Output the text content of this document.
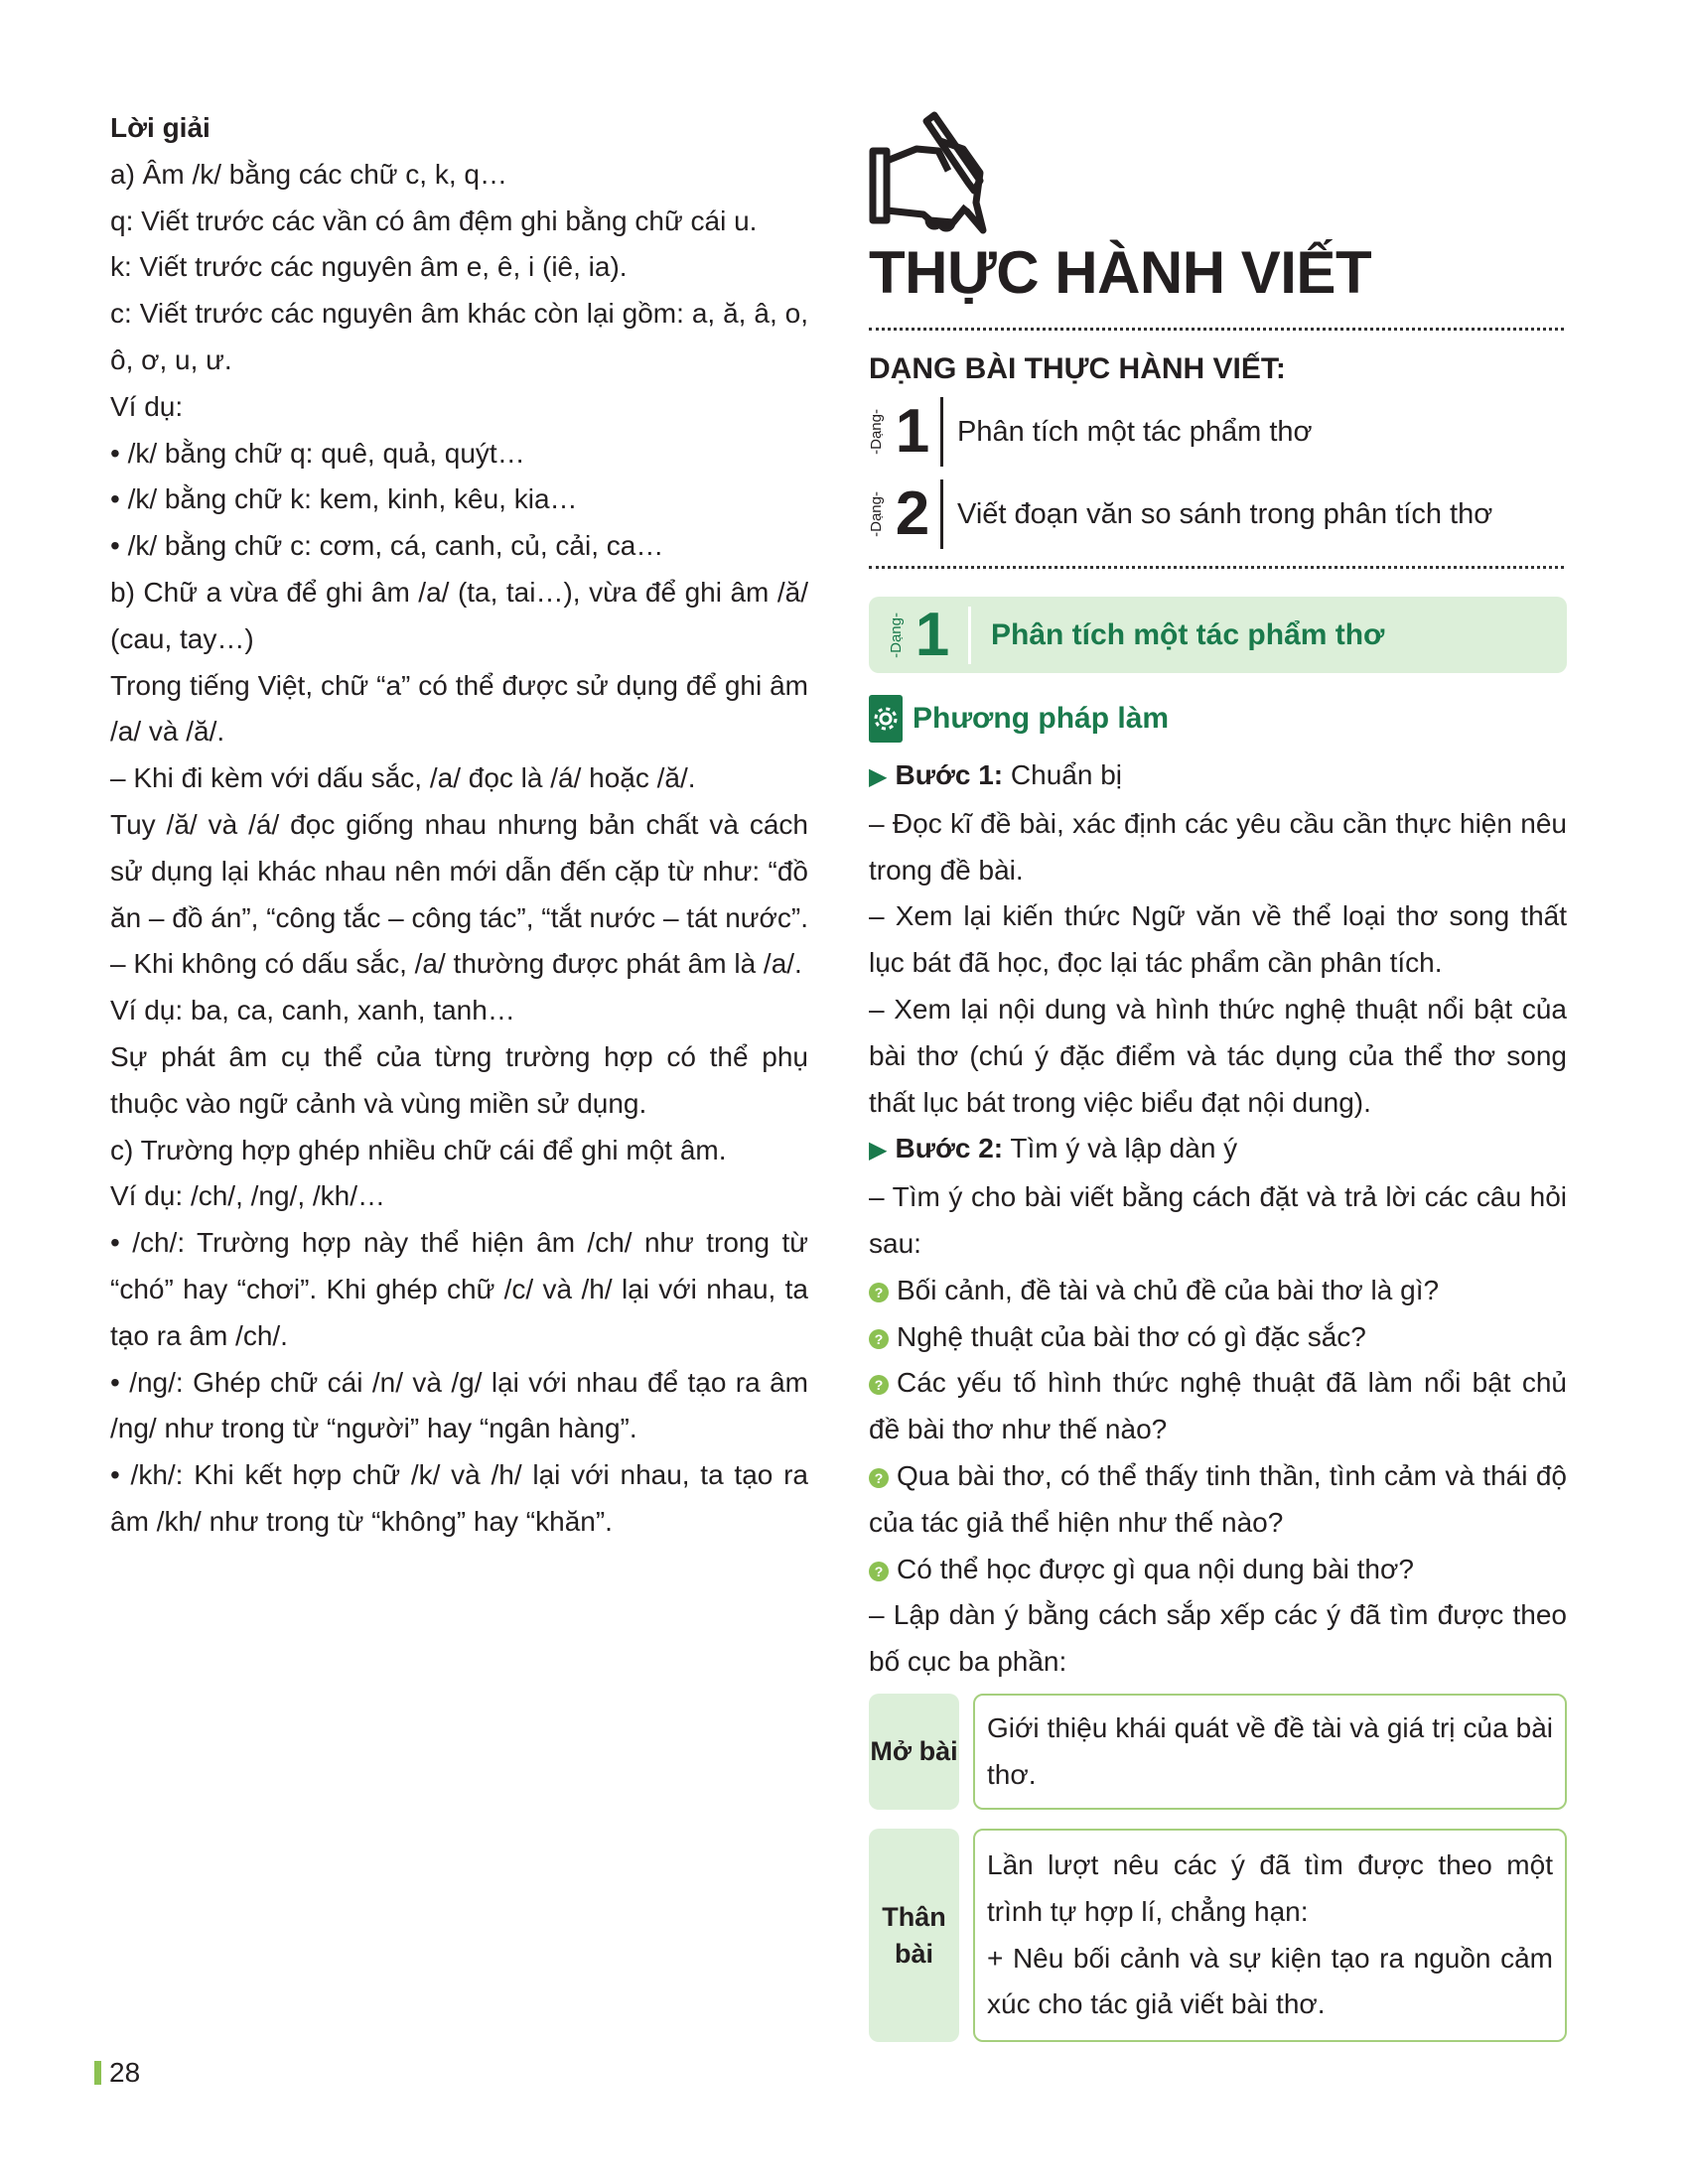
Lời giải

a) Âm /k/ bằng các chữ c, k, q…

q: Viết trước các vần có âm đệm ghi bằng chữ cái u.

k: Viết trước các nguyên âm e, ê, i (iê, ia).

c: Viết trước các nguyên âm khác còn lại gồm: a, ă, â, o, ô, ơ, u, ư.

Ví dụ:

• /k/ bằng chữ q: quê, quả, quýt…

• /k/ bằng chữ k: kem, kinh, kêu, kia…

• /k/ bằng chữ c: cơm, cá, canh, củ, cải, ca…

b) Chữ a vừa để ghi âm /a/ (ta, tai…), vừa để ghi âm /ă/ (cau, tay…)

Trong tiếng Việt, chữ “a” có thể được sử dụng để ghi âm /a/ và /ă/.

– Khi đi kèm với dấu sắc, /a/ đọc là /á/ hoặc /ă/.

Tuy /ă/ và /á/ đọc giống nhau nhưng bản chất và cách sử dụng lại khác nhau nên mới dẫn đến cặp từ như: “đồ ăn – đồ án”, “công tắc – công tác”, “tắt nước – tát nước”.

– Khi không có dấu sắc, /a/ thường được phát âm là /a/.

Ví dụ: ba, ca, canh, xanh, tanh…

Sự phát âm cụ thể của từng trường hợp có thể phụ thuộc vào ngữ cảnh và vùng miền sử dụng.

c) Trường hợp ghép nhiều chữ cái để ghi một âm.

Ví dụ: /ch/, /ng/, /kh/…

• /ch/: Trường hợp này thể hiện âm /ch/ như trong từ “chó” hay “chơi”. Khi ghép chữ /c/ và /h/ lại với nhau, ta tạo ra âm /ch/.

• /ng/: Ghép chữ cái /n/ và /g/ lại với nhau để tạo ra âm /ng/ như trong từ “người” hay “ngân hàng”.

• /kh/: Khi kết hợp chữ /k/ và /h/ lại với nhau, ta tạo ra âm /kh/ như trong từ “không” hay “khăn”.

THỰC HÀNH VIẾT
DẠNG BÀI THỰC HÀNH VIẾT:
-Dạng- 1 Phân tích một tác phẩm thơ
-Dạng- 2 Viết đoạn văn so sánh trong phân tích thơ
-Dạng- 1 Phân tích một tác phẩm thơ
Phương pháp làm

▶ Bước 1: Chuẩn bị

– Đọc kĩ đề bài, xác định các yêu cầu cần thực hiện nêu trong đề bài.

– Xem lại kiến thức Ngữ văn về thể loại thơ song thất lục bát đã học, đọc lại tác phẩm cần phân tích.

– Xem lại nội dung và hình thức nghệ thuật nổi bật của bài thơ (chú ý đặc điểm và tác dụng của thể thơ song thất lục bát trong việc biểu đạt nội dung).

▶ Bước 2: Tìm ý và lập dàn ý

– Tìm ý cho bài viết bằng cách đặt và trả lời các câu hỏi sau:

? Bối cảnh, đề tài và chủ đề của bài thơ là gì?

? Nghệ thuật của bài thơ có gì đặc sắc?

? Các yếu tố hình thức nghệ thuật đã làm nổi bật chủ đề bài thơ như thế nào?

? Qua bài thơ, có thể thấy tinh thần, tình cảm và thái độ của tác giả thể hiện như thế nào?

? Có thể học được gì qua nội dung bài thơ?

– Lập dàn ý bằng cách sắp xếp các ý đã tìm được theo bố cục ba phần:

Mở bài

Giới thiệu khái quát về đề tài và giá trị của bài thơ.

Thân bài

Lần lượt nêu các ý đã tìm được theo một trình tự hợp lí, chẳng hạn:

+ Nêu bối cảnh và sự kiện tạo ra nguồn cảm xúc cho tác giả viết bài thơ.

28
